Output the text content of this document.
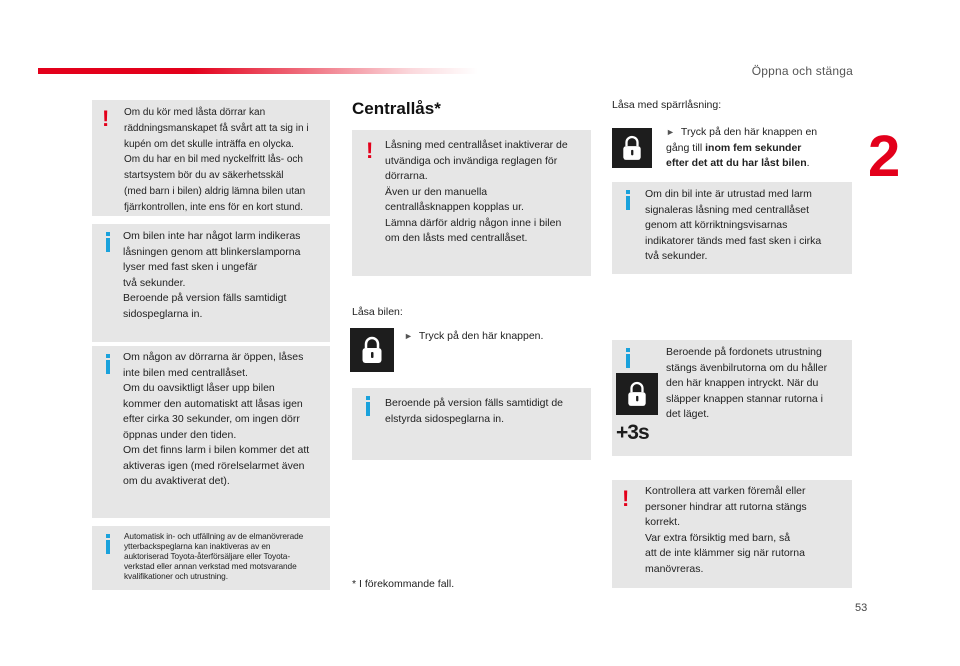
Öppna och stänga
2
! Om du kör med låsta dörrar kan
räddningsmanskapet få svårt att ta sig in i
kupén om det skulle inträffa en olycka.
Om du har en bil med nyckelfritt lås- och
startsystem bör du av säkerhetsskäl
(med barn i bilen) aldrig lämna bilen utan
fjärrkontrollen, inte ens för en kort stund.

Om bilen inte har något larm indikeras
låsningen genom att blinkerslamporna
lyser med fast sken i ungefär
två sekunder.
Beroende på version fälls samtidigt
sidospeglarna in.

Om någon av dörrarna är öppen, låses
inte bilen med centrallåset.
Om du oavsiktligt låser upp bilen
kommer den automatiskt att låsas igen
efter cirka 30 sekunder, om ingen dörr
öppnas under den tiden.
Om det finns larm i bilen kommer det att
aktiveras igen (med rörelselarmet även
om du avaktiverat det).

Automatisk in- och utfällning av de elmanövrerade
ytterbackspeglarna kan inaktiveras av en
auktoriserad Toyota-återförsäljare eller Toyota-
verkstad eller annan verkstad med motsvarande
kvalifikationer och utrustning.

Centrallås*
! Låsning med centrallåset inaktiverar de
utvändiga och invändiga reglagen för
dörrarna.
Även ur den manuella
centrallåsknappen kopplas ur.
Lämna därför aldrig någon inne i bilen
om den låsts med centrallåset.

Låsa bilen:
► Tryck på den här knappen.

Beroende på version fälls samtidigt de
elstyrda sidospeglarna in.

* I förekommande fall.
Låsa med spärrlåsning:
► Tryck på den här knappen en
gång till inom fem sekunder
efter det att du har låst bilen.

Om din bil inte är utrustad med larm
signaleras låsning med centrallåset
genom att körriktningsvisarnas
indikatorer tänds med fast sken i cirka
två sekunder.

+3s

Beroende på fordonets utrustning
stängs ävenbilrutorna om du håller
den här knappen intryckt. När du
släpper knappen stannar rutorna i
det läget.

! Kontrollera att varken föremål eller
personer hindrar att rutorna stängs
korrekt.
Var extra försiktig med barn, så
att de inte klämmer sig när rutorna
manövreras.

53
